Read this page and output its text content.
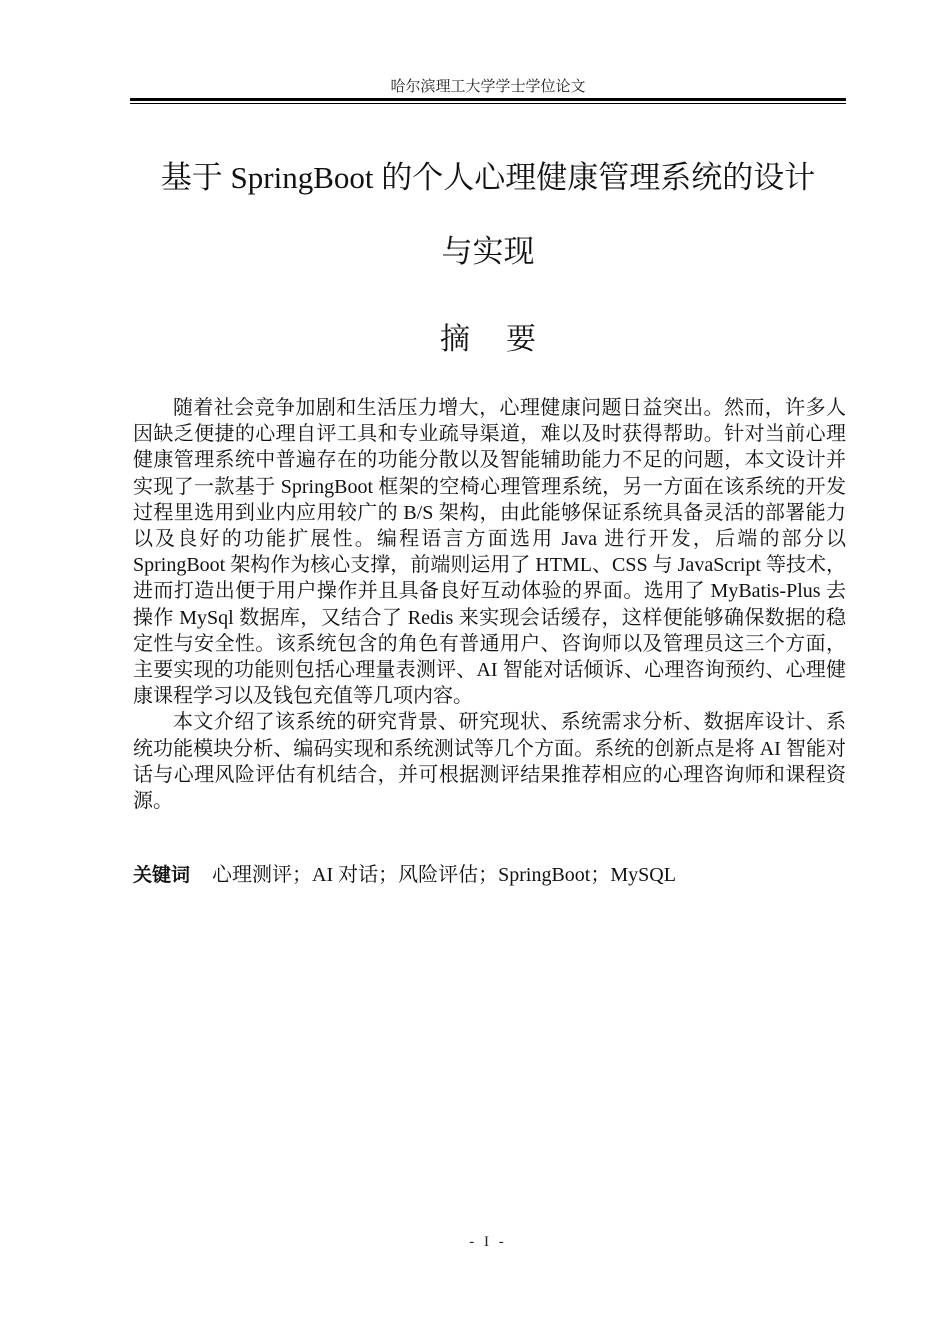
哈尔滨理工大学学士学位论文
基于 SpringBoot 的个人心理健康管理系统的设计
与实现
摘要

随着社会竞争加剧和生活压力增大，心理健康问题日益突出。然而，许多人因缺乏便捷的心理自评工具和专业疏导渠道，难以及时获得帮助。针对当前心理健康管理系统中普遍存在的功能分散以及智能辅助能力不足的问题，本文设计并实现了一款基于 SpringBoot 框架的空椅心理管理系统，另一方面在该系统的开发过程里选用到业内应用较广的 B/S 架构，由此能够保证系统具备灵活的部署能力以及良好的功能扩展性。编程语言方面选用 Java 进行开发，后端的部分以 SpringBoot 架构作为核心支撑，前端则运用了 HTML、CSS 与 JavaScript 等技术，进而打造出便于用户操作并且具备良好互动体验的界面。选用了 MyBatis-Plus 去操作 MySql 数据库，又结合了 Redis 来实现会话缓存，这样便能够确保数据的稳定性与安全性。该系统包含的角色有普通用户、咨询师以及管理员这三个方面，主要实现的功能则包括心理量表测评、AI 智能对话倾诉、心理咨询预约、心理健康课程学习以及钱包充值等几项内容。

本文介绍了该系统的研究背景、研究现状、系统需求分析、数据库设计、系统功能模块分析、编码实现和系统测试等几个方面。系统的创新点是将 AI 智能对话与心理风险评估有机结合，并可根据测评结果推荐相应的心理咨询师和课程资源。

关键词 心理测评；AI 对话；风险评估；SpringBoot；MySQL
- I -
